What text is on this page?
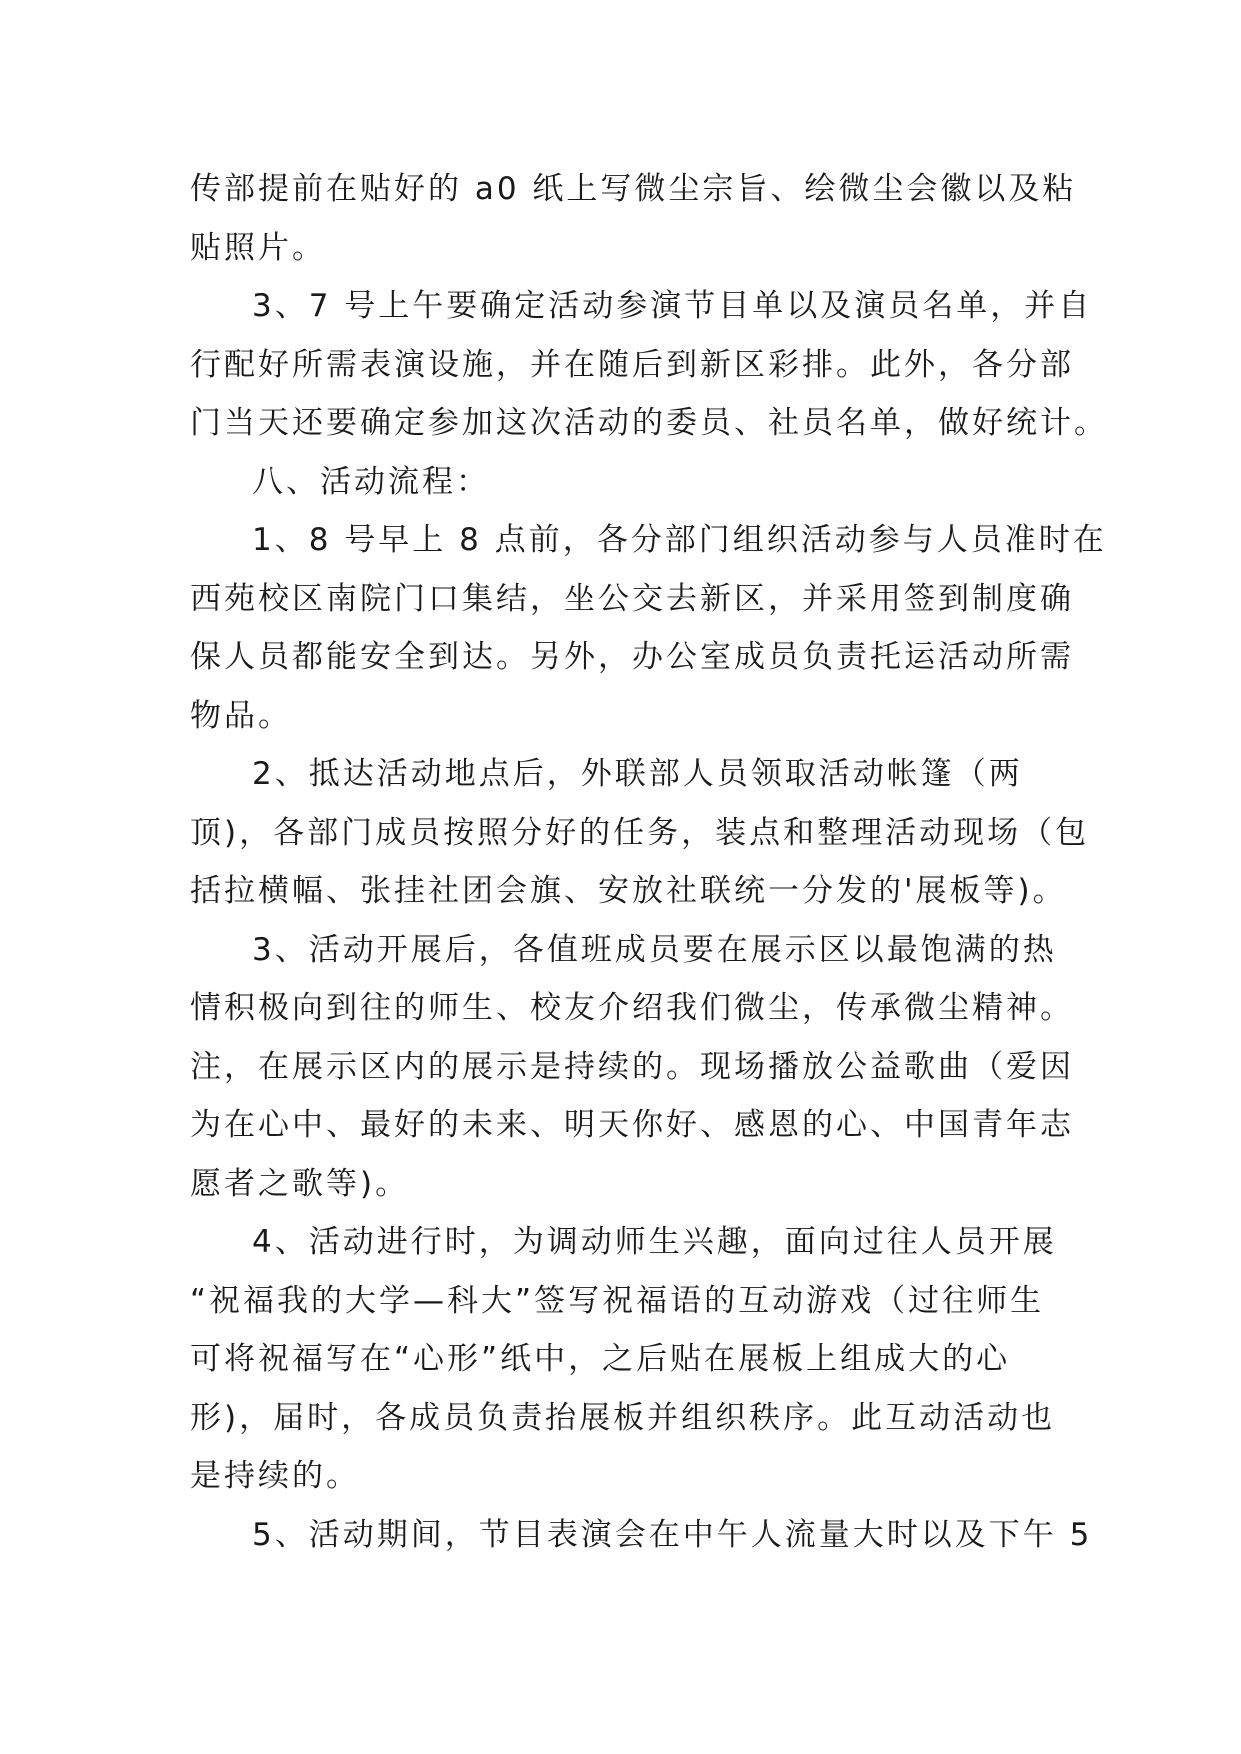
传部提前在贴好的 a0 纸上写微尘宗旨、绘微尘会徽以及粘
贴照片。
3、7 号上午要确定活动参演节目单以及演员名单，并自
行配好所需表演设施，并在随后到新区彩排。此外，各分部
门当天还要确定参加这次活动的委员、社员名单，做好统计。
八、活动流程：
1、8 号早上 8 点前，各分部门组织活动参与人员准时在
西苑校区南院门口集结，坐公交去新区，并采用签到制度确
保人员都能安全到达。另外，办公室成员负责托运活动所需
物品。
2、抵达活动地点后，外联部人员领取活动帐篷（两
顶)，各部门成员按照分好的任务，装点和整理活动现场（包
括拉横幅、张挂社团会旗、安放社联统一分发的'展板等)。
3、活动开展后，各值班成员要在展示区以最饱满的热
情积极向到往的师生、校友介绍我们微尘，传承微尘精神。
注，在展示区内的展示是持续的。现场播放公益歌曲（爱因
为在心中、最好的未来、明天你好、感恩的心、中国青年志
愿者之歌等)。
4、活动进行时，为调动师生兴趣，面向过往人员开展
“祝福我的大学—科大”签写祝福语的互动游戏（过往师生
可将祝福写在“心形”纸中，之后贴在展板上组成大的心
形)，届时，各成员负责抬展板并组织秩序。此互动活动也
是持续的。
5、活动期间，节目表演会在中午人流量大时以及下午 5
